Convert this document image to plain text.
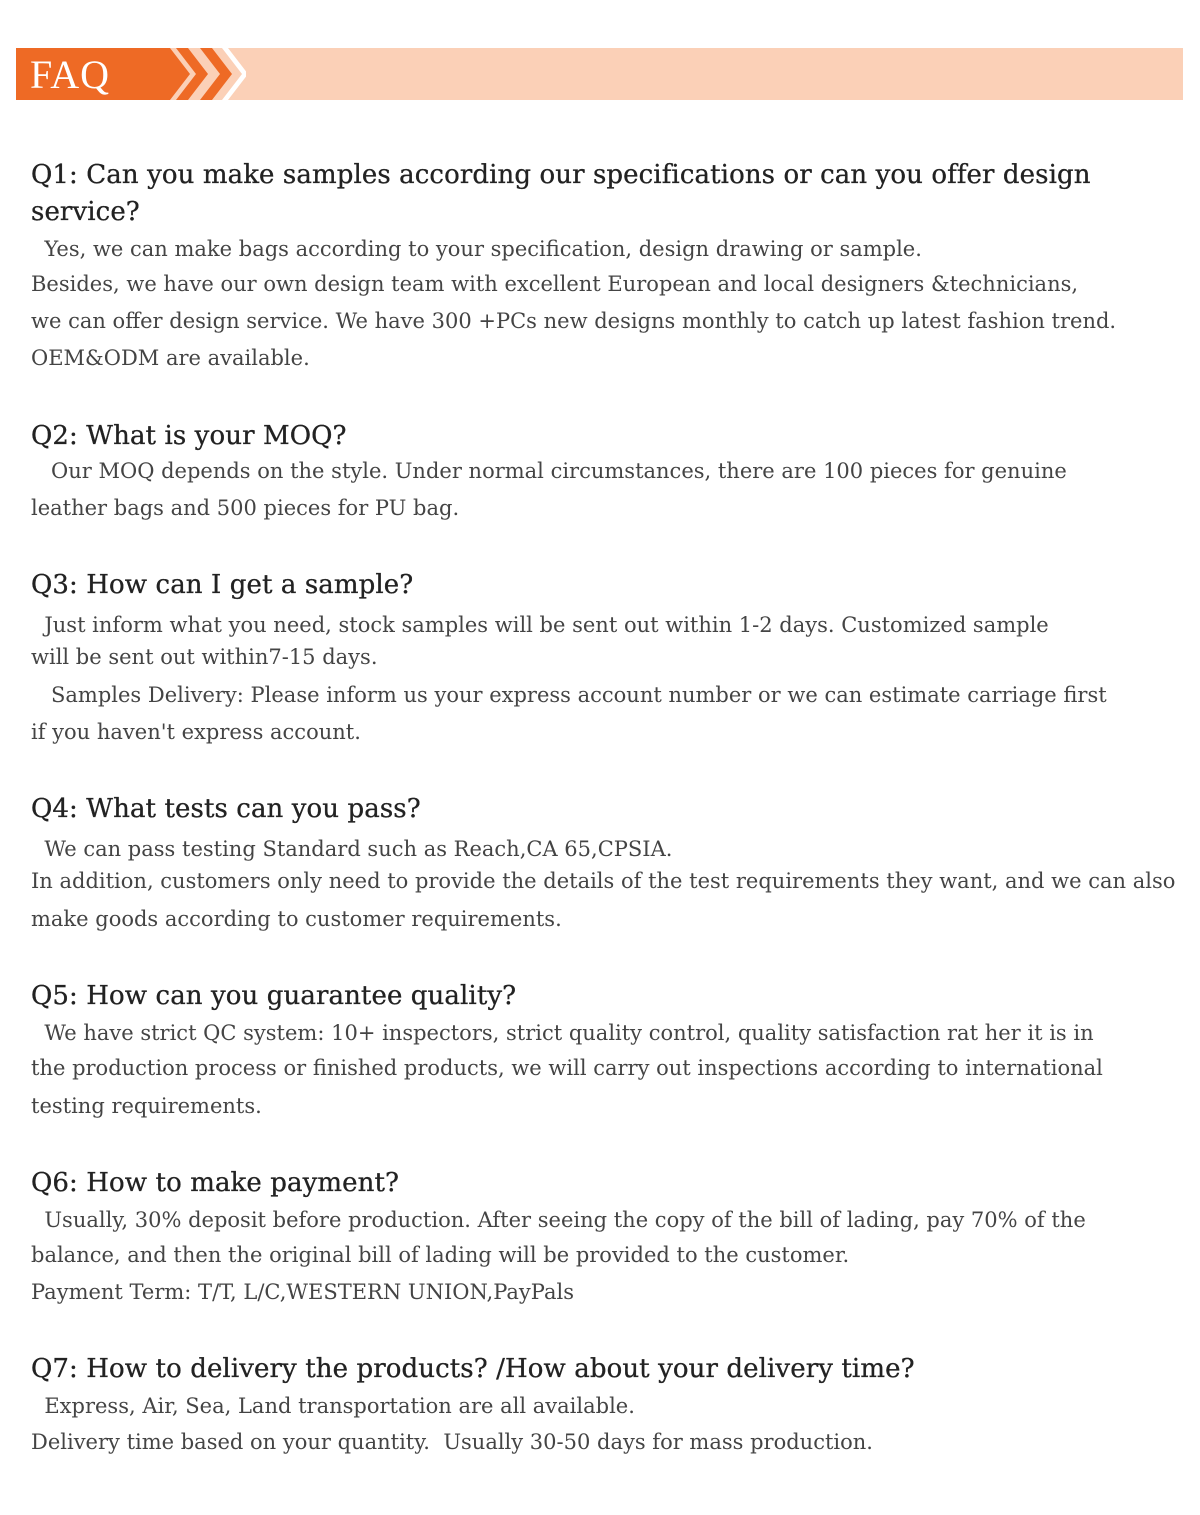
FAQ

Q1: Can you make samples according our specifications or can you offer design service?

Yes, we can make bags according to your specification, design drawing or sample.

Besides, we have our own design team with excellent European and local designers &technicians,

we can offer design service. We have 300 +PCs new designs monthly to catch up latest fashion trend.

OEM&ODM are available.

Q2: What is your MOQ?

Our MOQ depends on the style. Under normal circumstances, there are 100 pieces for genuine

leather bags and 500 pieces for PU bag.

Q3: How can I get a sample?

Just inform what you need, stock samples will be sent out within 1-2 days. Customized sample

will be sent out within7-15 days.

Samples Delivery: Please inform us your express account number or we can estimate carriage first

if you haven't express account.

Q4: What tests can you pass?

We can pass testing Standard such as Reach,CA 65,CPSIA.

In addition, customers only need to provide the details of the test requirements they want, and we can also

make goods according to customer requirements.

Q5: How can you guarantee quality?

We have strict QC system: 10+ inspectors, strict quality control, quality satisfaction rat her it is in

the production process or finished products, we will carry out inspections according to international

testing requirements.

Q6: How to make payment?

Usually, 30% deposit before production. After seeing the copy of the bill of lading, pay 70% of the

balance, and then the original bill of lading will be provided to the customer.

Payment Term: T/T, L/C,WESTERN UNION,PayPals

Q7: How to delivery the products? /How about your delivery time?

Express, Air, Sea, Land transportation are all available.

Delivery time based on your quantity.  Usually 30-50 days for mass production.
